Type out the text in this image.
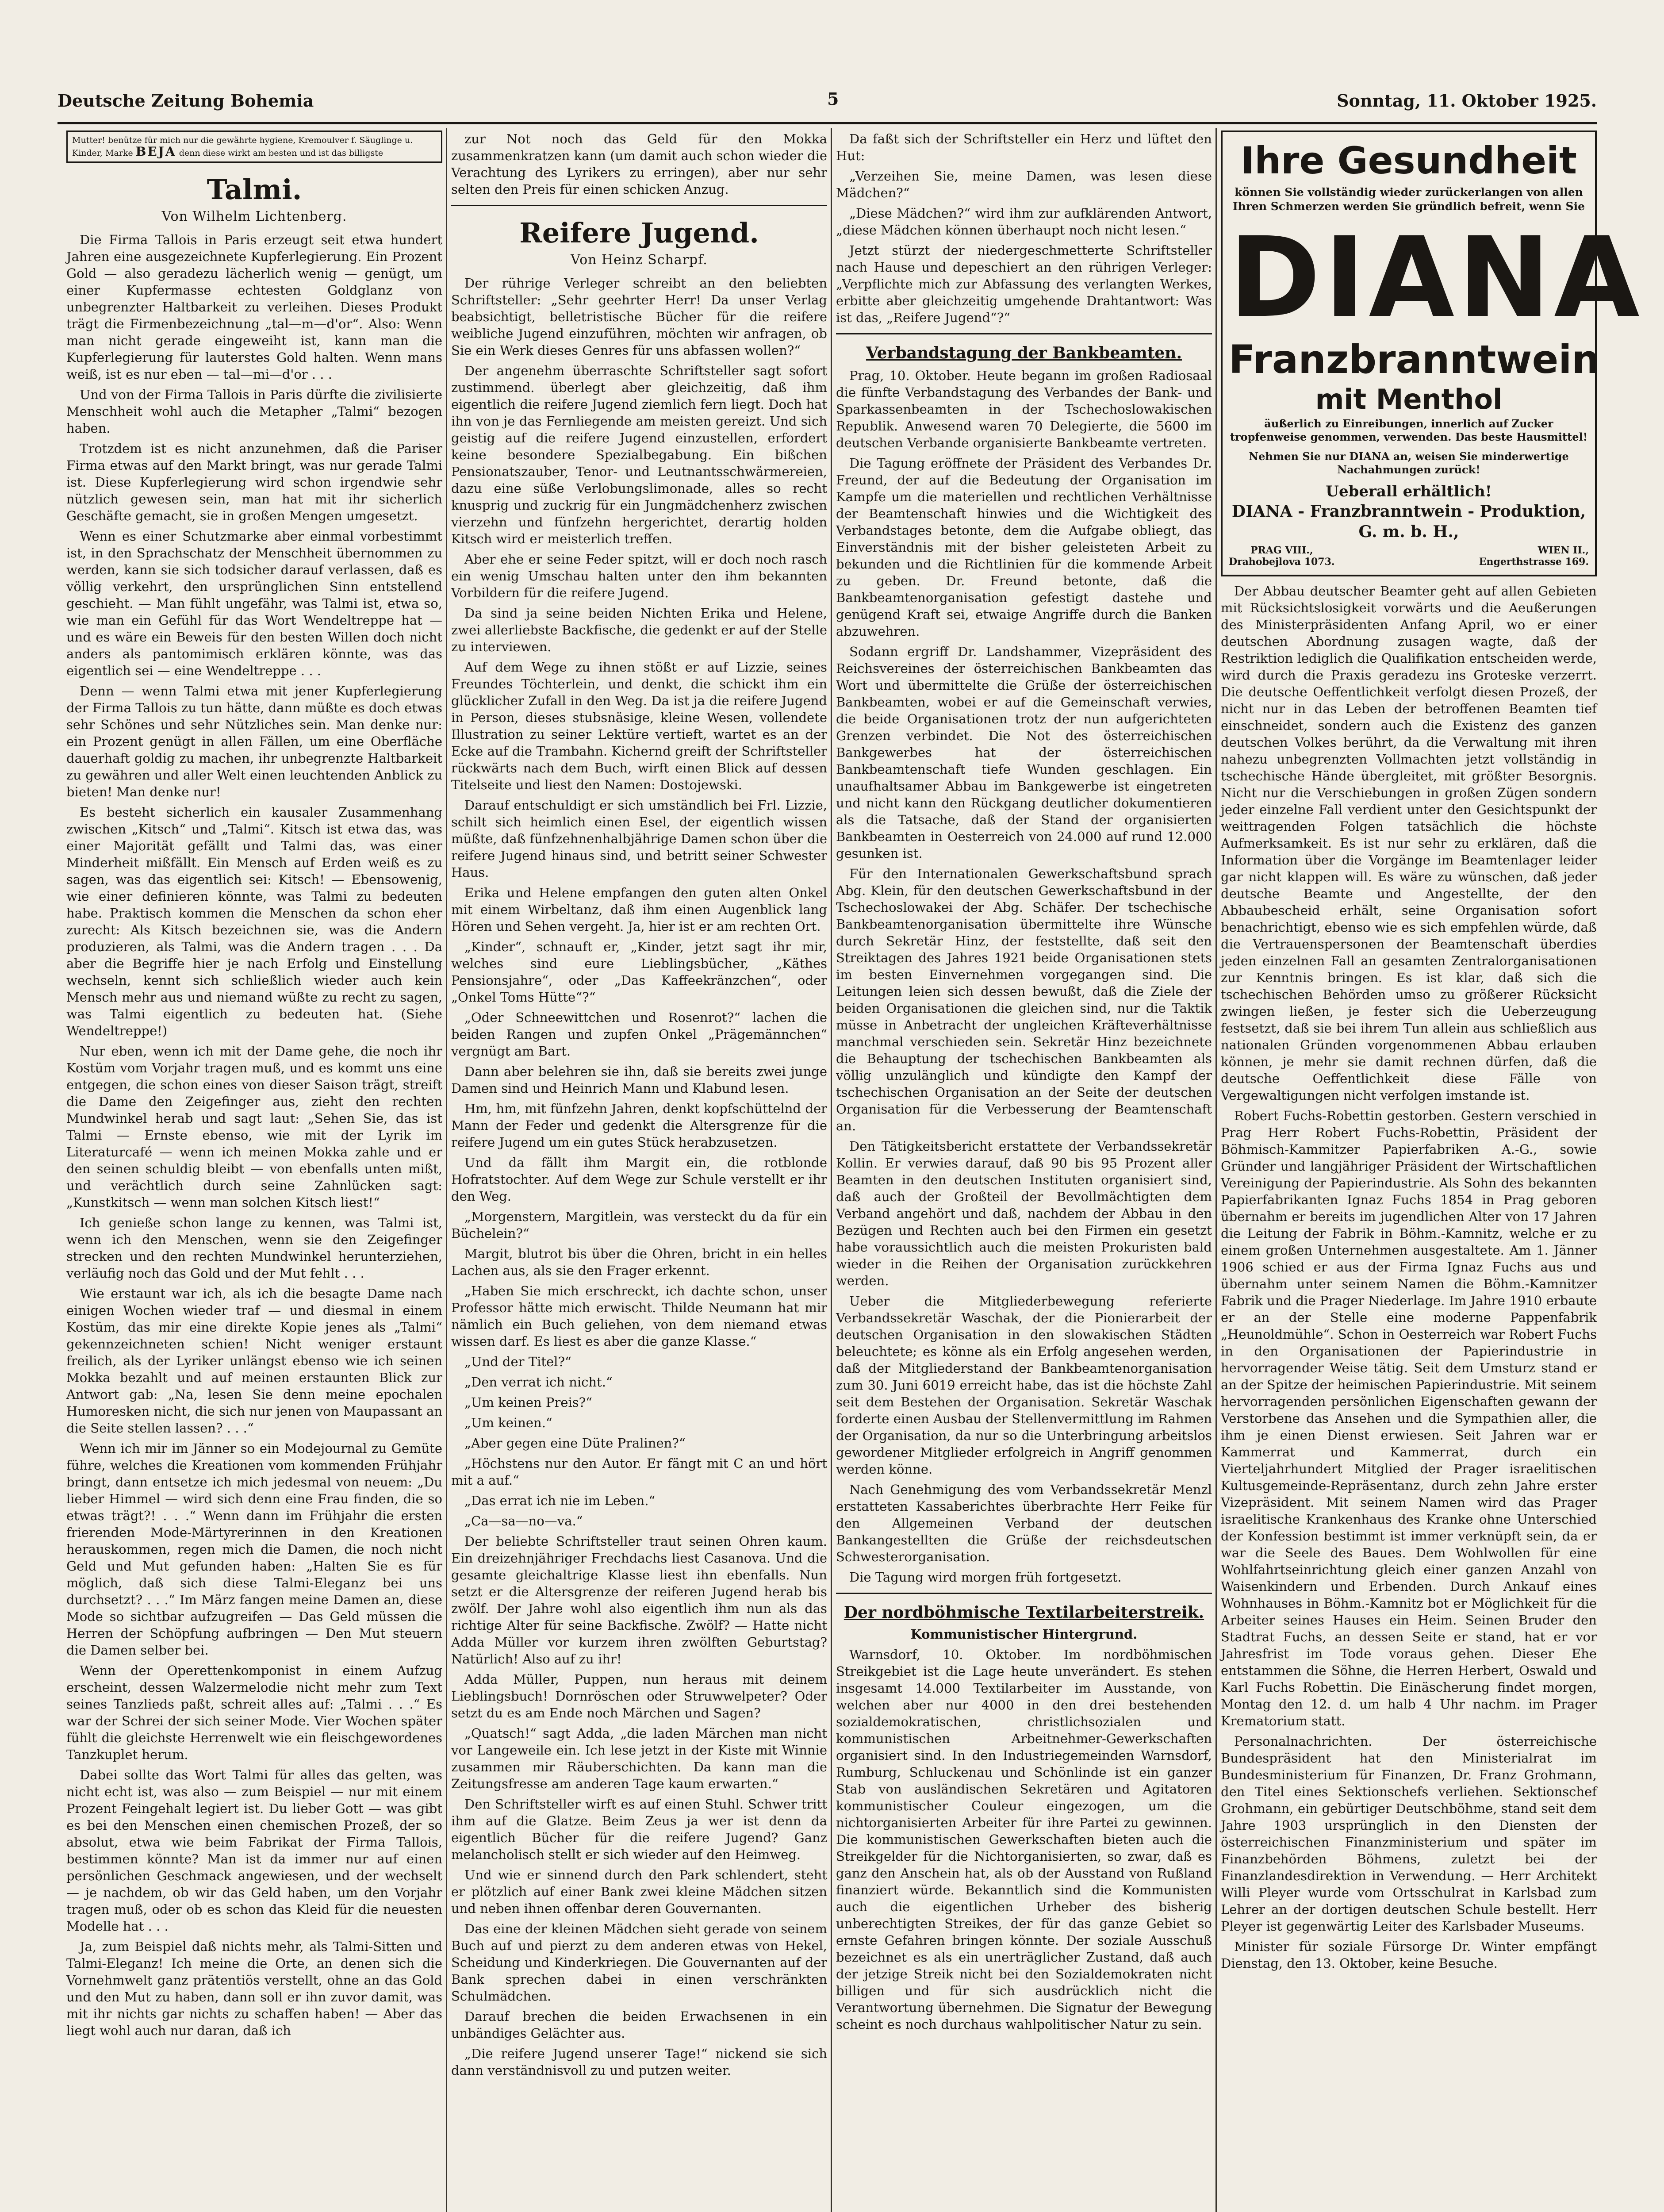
Deutsche Zeitung Bohemia	5	Sonntag, 11. Oktober 1925.
Mutter! benütze für mich nur die gewährte hygiene, Kremoulver f. Säuglinge u. Kinder, Marke BEJA denn diese wirkt am besten und ist das billigste
Talmi.
Von Wilhelm Lichtenberg.

Die Firma Tallois in Paris erzeugt seit etwa hundert Jahren eine ausgezeichnete Kupferlegierung. Ein Prozent Gold — also geradezu lächerlich wenig — genügt, um einer Kupfermasse echtesten Goldglanz von unbegrenzter Haltbarkeit zu verleihen. Dieses Produkt trägt die Firmenbezeichnung „tal—m—d'or“. Also: Wenn man nicht gerade eingeweiht ist, kann man die Kupferlegierung für lauterstes Gold halten. Wenn mans weiß, ist es nur eben — tal—mi—d'or . . .

Und von der Firma Tallois in Paris dürfte die zivilisierte Menschheit wohl auch die Metapher „Talmi“ bezogen haben.

Trotzdem ist es nicht anzunehmen, daß die Pariser Firma etwas auf den Markt bringt, was nur gerade Talmi ist. Diese Kupferlegierung wird schon irgendwie sehr nützlich gewesen sein, man hat mit ihr sicherlich Geschäfte gemacht, sie in großen Mengen umgesetzt.

Wenn es einer Schutzmarke aber einmal vorbestimmt ist, in den Sprachschatz der Menschheit übernommen zu werden, kann sie sich todsicher darauf verlassen, daß es völlig verkehrt, den ursprünglichen Sinn entstellend geschieht. — Man fühlt ungefähr, was Talmi ist, etwa so, wie man ein Gefühl für das Wort Wendeltreppe hat — und es wäre ein Beweis für den besten Willen doch nicht anders als pantomimisch erklären könnte, was das eigentlich sei — eine Wendeltreppe . . .

Denn — wenn Talmi etwa mit jener Kupferlegierung der Firma Tallois zu tun hätte, dann müßte es doch etwas sehr Schönes und sehr Nützliches sein. Man denke nur: ein Prozent genügt in allen Fällen, um eine Oberfläche dauerhaft goldig zu machen, ihr unbegrenzte Haltbarkeit zu gewähren und aller Welt einen leuchtenden Anblick zu bieten! Man denke nur!

Es besteht sicherlich ein kausaler Zusammenhang zwischen „Kitsch“ und „Talmi“. Kitsch ist etwa das, was einer Majorität gefällt und Talmi das, was einer Minderheit mißfällt. Ein Mensch auf Erden weiß es zu sagen, was das eigentlich sei: Kitsch! — Ebensowenig, wie einer definieren könnte, was Talmi zu bedeuten habe. Praktisch kommen die Menschen da schon eher zurecht: Als Kitsch bezeichnen sie, was die Andern produzieren, als Talmi, was die Andern tragen . . . Da aber die Begriffe hier je nach Erfolg und Einstellung wechseln, kennt sich schließlich wieder auch kein Mensch mehr aus und niemand wüßte zu recht zu sagen, was Talmi eigentlich zu bedeuten hat. (Siehe Wendeltreppe!)

Nur eben, wenn ich mit der Dame gehe, die noch ihr Kostüm vom Vorjahr tragen muß, und es kommt uns eine entgegen, die schon eines von dieser Saison trägt, streift die Dame den Zeigefinger aus, zieht den rechten Mundwinkel herab und sagt laut: „Sehen Sie, das ist Talmi — Ernste ebenso, wie mit der Lyrik im Literaturcafé — wenn ich meinen Mokka zahle und er den seinen schuldig bleibt — von ebenfalls unten mißt, und verächtlich durch seine Zahnlücken sagt: „Kunstkitsch — wenn man solchen Kitsch liest!“

Ich genieße schon lange zu kennen, was Talmi ist, wenn ich den Menschen, wenn sie den Zeigefinger strecken und den rechten Mundwinkel herunterziehen, verläufig noch das Gold und der Mut fehlt . . .

Wie erstaunt war ich, als ich die besagte Dame nach einigen Wochen wieder traf — und diesmal in einem Kostüm, das mir eine direkte Kopie jenes als „Talmi“ gekennzeichneten schien! Nicht weniger erstaunt freilich, als der Lyriker unlängst ebenso wie ich seinen Mokka bezahlt und auf meinen erstaunten Blick zur Antwort gab: „Na, lesen Sie denn meine epochalen Humoresken nicht, die sich nur jenen von Maupassant an die Seite stellen lassen? . . .“

Wenn ich mir im Jänner so ein Modejournal zu Gemüte führe, welches die Kreationen vom kommenden Frühjahr bringt, dann entsetze ich mich jedesmal von neuem: „Du lieber Himmel — wird sich denn eine Frau finden, die so etwas trägt?! . . .“ Wenn dann im Frühjahr die ersten frierenden Mode-Märtyrerinnen in den Kreationen herauskommen, regen mich die Damen, die noch nicht Geld und Mut gefunden haben: „Halten Sie es für möglich, daß sich diese Talmi-Eleganz bei uns durchsetzt? . . .“ Im März fangen meine Damen an, diese Mode so sichtbar aufzugreifen — Das Geld müssen die Herren der Schöpfung aufbringen — Den Mut steuern die Damen selber bei.

Wenn der Operettenkomponist in einem Aufzug erscheint, dessen Walzermelodie nicht mehr zum Text seines Tanzlieds paßt, schreit alles auf: „Talmi . . .“ Es war der Schrei der sich seiner Mode. Vier Wochen später fühlt die gleichste Herrenwelt wie ein fleischgewordenes Tanzkuplet herum.

Dabei sollte das Wort Talmi für alles das gelten, was nicht echt ist, was also — zum Beispiel — nur mit einem Prozent Feingehalt legiert ist. Du lieber Gott — was gibt es bei den Menschen einen chemischen Prozeß, der so absolut, etwa wie beim Fabrikat der Firma Tallois, bestimmen könnte? Man ist da immer nur auf einen persönlichen Geschmack angewiesen, und der wechselt — je nachdem, ob wir das Geld haben, um den Vorjahr tragen muß, oder ob es schon das Kleid für die neuesten Modelle hat . . .

Ja, zum Beispiel daß nichts mehr, als Talmi-Sitten und Talmi-Eleganz! Ich meine die Orte, an denen sich die Vornehmwelt ganz prätentiös verstellt, ohne an das Gold und den Mut zu haben, dann soll er ihn zuvor damit, was mit ihr nichts gar nichts zu schaffen haben! — Aber das liegt wohl auch nur daran, daß ich

zur Not noch das Geld für den Mokka zusammenkratzen kann (um damit auch schon wieder die Verachtung des Lyrikers zu erringen), aber nur sehr selten den Preis für einen schicken Anzug.

Reifere Jugend.
Von Heinz Scharpf.

Der rührige Verleger schreibt an den beliebten Schriftsteller: „Sehr geehrter Herr! Da unser Verlag beabsichtigt, belletristische Bücher für die reifere weibliche Jugend einzuführen, möchten wir anfragen, ob Sie ein Werk dieses Genres für uns abfassen wollen?“

Der angenehm überraschte Schriftsteller sagt sofort zustimmend. überlegt aber gleichzeitig, daß ihm eigentlich die reifere Jugend ziemlich fern liegt. Doch hat ihn von je das Fernliegende am meisten gereizt. Und sich geistig auf die reifere Jugend einzustellen, erfordert keine besondere Spezialbegabung. Ein bißchen Pensionatszauber, Tenor- und Leutnantsschwärmereien, dazu eine süße Verlobungslimonade, alles so recht knusprig und zuckrig für ein Jungmädchenherz zwischen vierzehn und fünfzehn hergerichtet, derartig holden Kitsch wird er meisterlich treffen.

Aber ehe er seine Feder spitzt, will er doch noch rasch ein wenig Umschau halten unter den ihm bekannten Vorbildern für die reifere Jugend.

Da sind ja seine beiden Nichten Erika und Helene, zwei allerliebste Backfische, die gedenkt er auf der Stelle zu interviewen.

Auf dem Wege zu ihnen stößt er auf Lizzie, seines Freundes Töchterlein, und denkt, die schickt ihm ein glücklicher Zufall in den Weg. Da ist ja die reifere Jugend in Person, dieses stubsnäsige, kleine Wesen, vollendete Illustration zu seiner Lektüre vertieft, wartet es an der Ecke auf die Trambahn. Kichernd greift der Schriftsteller rückwärts nach dem Buch, wirft einen Blick auf dessen Titelseite und liest den Namen: Dostojewski.

Darauf entschuldigt er sich umständlich bei Frl. Lizzie, schilt sich heimlich einen Esel, der eigentlich wissen müßte, daß fünfzehnenhalbjährige Damen schon über die reifere Jugend hinaus sind, und betritt seiner Schwester Haus.

Erika und Helene empfangen den guten alten Onkel mit einem Wirbeltanz, daß ihm einen Augenblick lang Hören und Sehen vergeht. Ja, hier ist er am rechten Ort.

„Kinder“, schnauft er, „Kinder, jetzt sagt ihr mir, welches sind eure Lieblingsbücher, „Käthes Pensionsjahre“, oder „Das Kaffeekränzchen“, oder „Onkel Toms Hütte“?“

„Oder Schneewittchen und Rosenrot?“ lachen die beiden Rangen und zupfen Onkel „Prägemännchen“ vergnügt am Bart.

Dann aber belehren sie ihn, daß sie bereits zwei junge Damen sind und Heinrich Mann und Klabund lesen.

Hm, hm, mit fünfzehn Jahren, denkt kopfschüttelnd der Mann der Feder und gedenkt die Altersgrenze für die reifere Jugend um ein gutes Stück herabzusetzen.

Und da fällt ihm Margit ein, die rotblonde Hofratstochter. Auf dem Wege zur Schule verstellt er ihr den Weg.

„Morgenstern, Margitlein, was versteckt du da für ein Büchelein?“

Margit, blutrot bis über die Ohren, bricht in ein helles Lachen aus, als sie den Frager erkennt.

„Haben Sie mich erschreckt, ich dachte schon, unser Professor hätte mich erwischt. Thilde Neumann hat mir nämlich ein Buch geliehen, von dem niemand etwas wissen darf. Es liest es aber die ganze Klasse.“

„Und der Titel?“

„Den verrat ich nicht.“

„Um keinen Preis?“

„Um keinen.“

„Aber gegen eine Düte Pralinen?“

„Höchstens nur den Autor. Er fängt mit C an und hört mit a auf.“

„Das errat ich nie im Leben.“

„Ca—sa—no—va.“

Der beliebte Schriftsteller traut seinen Ohren kaum. Ein dreizehnjähriger Frechdachs liest Casanova. Und die gesamte gleichaltrige Klasse liest ihn ebenfalls. Nun setzt er die Altersgrenze der reiferen Jugend herab bis zwölf. Der Jahre wohl also eigentlich ihm nun als das richtige Alter für seine Backfische. Zwölf? — Hatte nicht Adda Müller vor kurzem ihren zwölften Geburtstag? Natürlich! Also auf zu ihr!

Adda Müller, Puppen, nun heraus mit deinem Lieblingsbuch! Dornröschen oder Struwwelpeter? Oder setzt du es am Ende noch Märchen und Sagen?

„Quatsch!“ sagt Adda, „die laden Märchen man nicht vor Langeweile ein. Ich lese jetzt in der Kiste mit Winnie zusammen mir Räuberschichten. Da kann man die Zeitungsfresse am anderen Tage kaum erwarten.“

Den Schriftsteller wirft es auf einen Stuhl. Schwer tritt ihm auf die Glatze. Beim Zeus ja wer ist denn da eigentlich Bücher für die reifere Jugend? Ganz melancholisch stellt er sich wieder auf den Heimweg.

Und wie er sinnend durch den Park schlendert, steht er plötzlich auf einer Bank zwei kleine Mädchen sitzen und neben ihnen offenbar deren Gouvernanten.

Das eine der kleinen Mädchen sieht gerade von seinem Buch auf und pierzt zu dem anderen etwas von Hekel, Scheidung und Kinderkriegen. Die Gouvernanten auf der Bank sprechen dabei in einen verschränkten Schulmädchen.

Darauf brechen die beiden Erwachsenen in ein unbändiges Gelächter aus.

„Die reifere Jugend unserer Tage!“ nickend sie sich dann verständnisvoll zu und putzen weiter.

Da faßt sich der Schriftsteller ein Herz und lüftet den Hut:

„Verzeihen Sie, meine Damen, was lesen diese Mädchen?“

„Diese Mädchen?“ wird ihm zur aufklärenden Antwort, „diese Mädchen können überhaupt noch nicht lesen.“

Jetzt stürzt der niedergeschmetterte Schriftsteller nach Hause und depeschiert an den rührigen Verleger: „Verpflichte mich zur Abfassung des verlangten Werkes, erbitte aber gleichzeitig umgehende Drahtantwort: Was ist das, „Reifere Jugend“?“

Verbandstagung der Bankbeamten.

Prag, 10. Oktober. Heute begann im großen Radiosaal die fünfte Verbandstagung des Verbandes der Bank- und Sparkassenbeamten in der Tschechoslowakischen Republik. Anwesend waren 70 Delegierte, die 5600 im deutschen Verbande organisierte Bankbeamte vertreten.

Die Tagung eröffnete der Präsident des Verbandes Dr. Freund, der auf die Bedeutung der Organisation im Kampfe um die materiellen und rechtlichen Verhältnisse der Beamtenschaft hinwies und die Wichtigkeit des Verbandstages betonte, dem die Aufgabe obliegt, das Einverständnis mit der bisher geleisteten Arbeit zu bekunden und die Richtlinien für die kommende Arbeit zu geben. Dr. Freund betonte, daß die Bankbeamtenorganisation gefestigt dastehe und genügend Kraft sei, etwaige Angriffe durch die Banken abzuwehren.

Sodann ergriff Dr. Landshammer, Vizepräsident des Reichsvereines der österreichischen Bankbeamten das Wort und übermittelte die Grüße der österreichischen Bankbeamten, wobei er auf die Gemeinschaft verwies, die beide Organisationen trotz der nun aufgerichteten Grenzen verbindet. Die Not des österreichischen Bankgewerbes hat der österreichischen Bankbeamtenschaft tiefe Wunden geschlagen. Ein unaufhaltsamer Abbau im Bankgewerbe ist eingetreten und nicht kann den Rückgang deutlicher dokumentieren als die Tatsache, daß der Stand der organisierten Bankbeamten in Oesterreich von 24.000 auf rund 12.000 gesunken ist.

Für den Internationalen Gewerkschaftsbund sprach Abg. Klein, für den deutschen Gewerkschaftsbund in der Tschechoslowakei der Abg. Schäfer. Der tschechische Bankbeamtenorganisation übermittelte ihre Wünsche durch Sekretär Hinz, der feststellte, daß seit den Streiktagen des Jahres 1921 beide Organisationen stets im besten Einvernehmen vorgegangen sind. Die Leitungen leien sich dessen bewußt, daß die Ziele der beiden Organisationen die gleichen sind, nur die Taktik müsse in Anbetracht der ungleichen Kräfteverhältnisse manchmal verschieden sein. Sekretär Hinz bezeichnete die Behauptung der tschechischen Bankbeamten als völlig unzulänglich und kündigte den Kampf der tschechischen Organisation an der Seite der deutschen Organisation für die Verbesserung der Beamtenschaft an.

Den Tätigkeitsbericht erstattete der Verbandssekretär Kollin. Er verwies darauf, daß 90 bis 95 Prozent aller Beamten in den deutschen Instituten organisiert sind, daß auch der Großteil der Bevollmächtigten dem Verband angehört und daß, nachdem der Abbau in den Bezügen und Rechten auch bei den Firmen ein gesetzt habe voraussichtlich auch die meisten Prokuristen bald wieder in die Reihen der Organisation zurückkehren werden.

Ueber die Mitgliederbewegung referierte Verbandssekretär Waschak, der die Pionierarbeit der deutschen Organisation in den slowakischen Städten beleuchtete; es könne als ein Erfolg angesehen werden, daß der Mitgliederstand der Bankbeamtenorganisation zum 30. Juni 6019 erreicht habe, das ist die höchste Zahl seit dem Bestehen der Organisation. Sekretär Waschak forderte einen Ausbau der Stellenvermittlung im Rahmen der Organisation, da nur so die Unterbringung arbeitslos gewordener Mitglieder erfolgreich in Angriff genommen werden könne.

Nach Genehmigung des vom Verbandssekretär Menzl erstatteten Kassaberichtes überbrachte Herr Feike für den Allgemeinen Verband der deutschen Bankangestellten die Grüße der reichsdeutschen Schwesterorganisation.

Die Tagung wird morgen früh fortgesetzt.

Der nordböhmische Textilarbeiterstreik.
Kommunistischer Hintergrund.

Warnsdorf, 10. Oktober. Im nordböhmischen Streikgebiet ist die Lage heute unverändert. Es stehen insgesamt 14.000 Textilarbeiter im Ausstande, von welchen aber nur 4000 in den drei bestehenden sozialdemokratischen, christlichsozialen und kommunistischen Arbeitnehmer-Gewerkschaften organisiert sind. In den Industriegemeinden Warnsdorf, Rumburg, Schluckenau und Schönlinde ist ein ganzer Stab von ausländischen Sekretären und Agitatoren kommunistischer Couleur eingezogen, um die nichtorganisierten Arbeiter für ihre Partei zu gewinnen. Die kommunistischen Gewerkschaften bieten auch die Streikgelder für die Nichtorganisierten, so zwar, daß es ganz den Anschein hat, als ob der Ausstand von Rußland finanziert würde. Bekanntlich sind die Kommunisten auch die eigentlichen Urheber des bisherig unberechtigten Streikes, der für das ganze Gebiet so ernste Gefahren bringen könnte. Der soziale Ausschuß bezeichnet es als ein unerträglicher Zustand, daß auch der jetzige Streik nicht bei den Sozialdemokraten nicht billigen und für sich ausdrücklich nicht die Verantwortung übernehmen. Die Signatur der Bewegung scheint es noch durchaus wahlpolitischer Natur zu sein.

Ihre Gesundheit
können Sie vollständig wieder zurückerlangen von allen Ihren Schmerzen werden Sie gründlich befreit, wenn Sie
DIANA
Franzbranntwein
mit Menthol
äußerlich zu Einreibungen, innerlich auf Zucker tropfenweise genommen, verwenden. Das beste Hausmittel!
Nehmen Sie nur DIANA an, weisen Sie minderwertige Nachahmungen zurück!
Ueberall erhältlich!
DIANA - Franzbranntwein - Produktion, G. m. b. H.,
PRAG VIII.,
Drahobejlova 1073.
WIEN II.,
Engerthstrasse 169.

Der Abbau deutscher Beamter geht auf allen Gebieten mit Rücksichtslosigkeit vorwärts und die Aeußerungen des Ministerpräsidenten Anfang April, wo er einer deutschen Abordnung zusagen wagte, daß der Restriktion lediglich die Qualifikation entscheiden werde, wird durch die Praxis geradezu ins Groteske verzerrt. Die deutsche Oeffentlichkeit verfolgt diesen Prozeß, der nicht nur in das Leben der betroffenen Beamten tief einschneidet, sondern auch die Existenz des ganzen deutschen Volkes berührt, da die Verwaltung mit ihren nahezu unbegrenzten Vollmachten jetzt vollständig in tschechische Hände übergleitet, mit größter Besorgnis. Nicht nur die Verschiebungen in großen Zügen sondern jeder einzelne Fall verdient unter den Gesichtspunkt der weittragenden Folgen tatsächlich die höchste Aufmerksamkeit. Es ist nur sehr zu erklären, daß die Information über die Vorgänge im Beamtenlager leider gar nicht klappen will. Es wäre zu wünschen, daß jeder deutsche Beamte und Angestellte, der den Abbaubescheid erhält, seine Organisation sofort benachrichtigt, ebenso wie es sich empfehlen würde, daß die Vertrauenspersonen der Beamtenschaft überdies jeden einzelnen Fall an gesamten Zentralorganisationen zur Kenntnis bringen. Es ist klar, daß sich die tschechischen Behörden umso zu größerer Rücksicht zwingen ließen, je fester sich die Ueberzeugung festsetzt, daß sie bei ihrem Tun allein aus schließlich aus nationalen Gründen vorgenommenen Abbau erlauben können, je mehr sie damit rechnen dürfen, daß die deutsche Oeffentlichkeit diese Fälle von Vergewaltigungen nicht verfolgen imstande ist.

Robert Fuchs-Robettin gestorben. Gestern verschied in Prag Herr Robert Fuchs-Robettin, Präsident der Böhmisch-Kammitzer Papierfabriken A.-G., sowie Gründer und langjähriger Präsident der Wirtschaftlichen Vereinigung der Papierindustrie. Als Sohn des bekannten Papierfabrikanten Ignaz Fuchs 1854 in Prag geboren übernahm er bereits im jugendlichen Alter von 17 Jahren die Leitung der Fabrik in Böhm.-Kamnitz, welche er zu einem großen Unternehmen ausgestaltete. Am 1. Jänner 1906 schied er aus der Firma Ignaz Fuchs aus und übernahm unter seinem Namen die Böhm.-Kamnitzer Fabrik und die Prager Niederlage. Im Jahre 1910 erbaute er an der Stelle eine moderne Pappenfabrik „Heunoldmühle“. Schon in Oesterreich war Robert Fuchs in den Organisationen der Papierindustrie in hervorragender Weise tätig. Seit dem Umsturz stand er an der Spitze der heimischen Papierindustrie. Mit seinem hervorragenden persönlichen Eigenschaften gewann der Verstorbene das Ansehen und die Sympathien aller, die ihm je einen Dienst erwiesen. Seit Jahren war er Kammerrat und Kammerrat, durch ein Vierteljahrhundert Mitglied der Prager israelitischen Kultusgemeinde-Repräsentanz, durch zehn Jahre erster Vizepräsident. Mit seinem Namen wird das Prager israelitische Krankenhaus des Kranke ohne Unterschied der Konfession bestimmt ist immer verknüpft sein, da er war die Seele des Baues. Dem Wohlwollen für eine Wohlfahrtseinrichtung gleich einer ganzen Anzahl von Waisenkindern und Erbenden. Durch Ankauf eines Wohnhauses in Böhm.-Kamnitz bot er Möglichkeit für die Arbeiter seines Hauses ein Heim. Seinen Bruder den Stadtrat Fuchs, an dessen Seite er stand, hat er vor Jahresfrist im Tode voraus gehen. Dieser Ehe entstammen die Söhne, die Herren Herbert, Oswald und Karl Fuchs Robettin. Die Einäscherung findet morgen, Montag den 12. d. um halb 4 Uhr nachm. im Prager Krematorium statt.

Personalnachrichten. Der österreichische Bundespräsident hat den Ministerialrat im Bundesministerium für Finanzen, Dr. Franz Grohmann, den Titel eines Sektionschefs verliehen. Sektionschef Grohmann, ein gebürtiger Deutschböhme, stand seit dem Jahre 1903 ursprünglich in den Diensten der österreichischen Finanzministerium und später im Finanzbehörden Böhmens, zuletzt bei der Finanzlandesdirektion in Verwendung. — Herr Architekt Willi Pleyer wurde vom Ortsschulrat in Karlsbad zum Lehrer an der dortigen deutschen Schule bestellt. Herr Pleyer ist gegenwärtig Leiter des Karlsbader Museums.

Minister für soziale Fürsorge Dr. Winter empfängt Dienstag, den 13. Oktober, keine Besuche.
